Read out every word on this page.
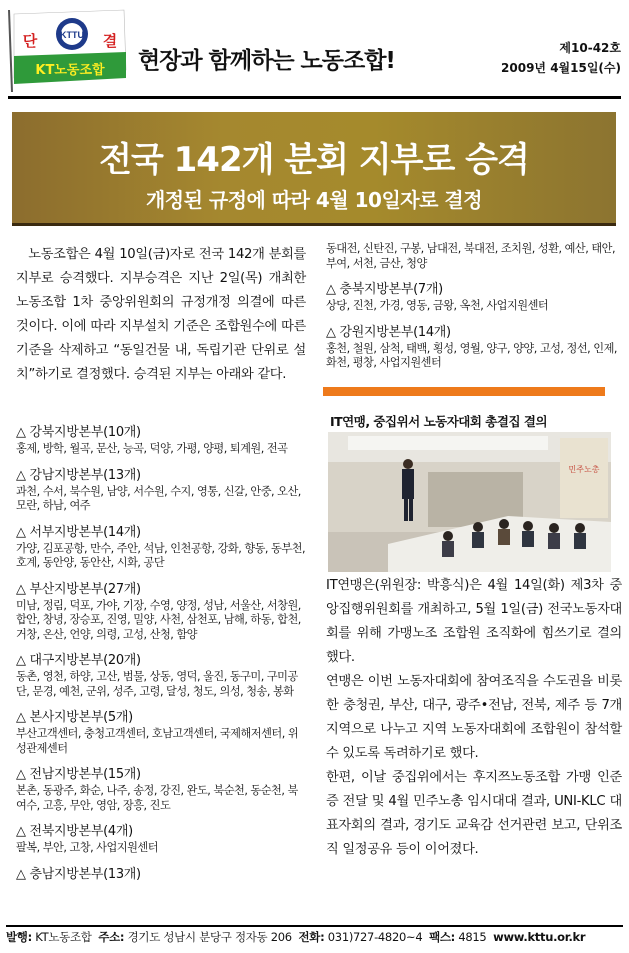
KTTU
단	결
KT노동조합 현장과 함께하는 노동조합!	제10-42호
2009년 4월15일(수)
전국 142개 분회 지부로 승격
개정된 규정에 따라 4월 10일자로 결정
노동조합은 4월 10일(금)자로 전국 142개 분회를 지부로 승격했다. 지부승격은 지난 2일(목) 개최한 노동조합 1차 중앙위원회의 규정개정 의결에 따른 것이다. 이에 따라 지부설치 기준은 조합원수에 따른 기준을 삭제하고 “동일건물 내, 독립기관 단위로 설치”하기로 결정했다. 승격된 지부는 아래와 같다.
△ 강북지방본부(10개)
홍제, 방학, 월곡, 문산, 능곡, 덕양, 가평, 양평, 퇴계원, 전곡
△ 강남지방본부(13개)
과천, 수서, 북수원, 남양, 서수원, 수지, 영통, 신갈, 안중, 오산, 모란, 하남, 여주
△ 서부지방본부(14개)
가양, 김포공항, 만수, 주안, 석남, 인천공항, 강화, 향동, 동부천, 호계, 동안양, 동안산, 시화, 공단
△ 부산지방본부(27개)
미남, 정림, 덕포, 가야, 기장, 수영, 양정, 성남, 서울산, 서창원, 합안, 창녕, 장승포, 진영, 밀양, 사천, 삼천포, 남해, 하동, 합천, 거창, 온산, 언양, 의령, 고성, 산청, 함양
△ 대구지방본부(20개)
동촌, 영천, 하양, 고산, 범물, 상동, 영덕, 울진, 동구미, 구미공단, 문경, 예천, 군위, 성주, 고령, 달성, 청도, 의성, 청송, 봉화
△ 본사지방본부(5개)
부산고객센터, 충청고객센터, 호남고객센터, 국제해저센터, 위성관제센터
△ 전남지방본부(15개)
본촌, 동광주, 화순, 나주, 송정, 강진, 완도, 북순천, 동순천, 북여수, 고흥, 무안, 영암, 장흥, 진도
△ 전북지방본부(4개)
팔복, 부안, 고창, 사업지원센터
△ 충남지방본부(13개)
동대전, 신탄진, 구봉, 남대전, 북대전, 조치원, 성환, 예산, 태안, 부여, 서천, 금산, 청양
△ 충북지방본부(7개)
상당, 진천, 가경, 영동, 금왕, 옥천, 사업지원센터
△ 강원지방본부(14개)
홍천, 철원, 삼척, 태백, 횡성, 영월, 양구, 양양, 고성, 정선, 인제, 화천, 평창, 사업지원센터
IT연맹, 중집위서 노동자대회 총결집 결의
민주노총

IT연맹은(위원장: 박흥식)은 4월 14일(화) 제3차 중앙집행위원회를 개최하고, 5월 1일(금) 전국노동자대회를 위해 가맹노조 조합원 조직화에 힘쓰기로 결의했다.

연맹은 이번 노동자대회에 참여조직을 수도권을 비롯한 충청권, 부산, 대구, 광주•전남, 전북, 제주 등 7개 지역으로 나누고 지역 노동자대회에 조합원이 참석할 수 있도록 독려하기로 했다.

한편, 이날 중집위에서는 후지쯔노동조합 가맹 인준증 전달 및 4월 민주노총 임시대대 결과, UNI-KLC 대표자회의 결과, 경기도 교육감 선거관련 보고, 단위조직 일정공유 등이 이어졌다.

발행: KT노동조합 주소: 경기도 성남시 분당구 정자동 206 전화: 031)727-4820~4 팩스: 4815 www.kttu.or.kr
